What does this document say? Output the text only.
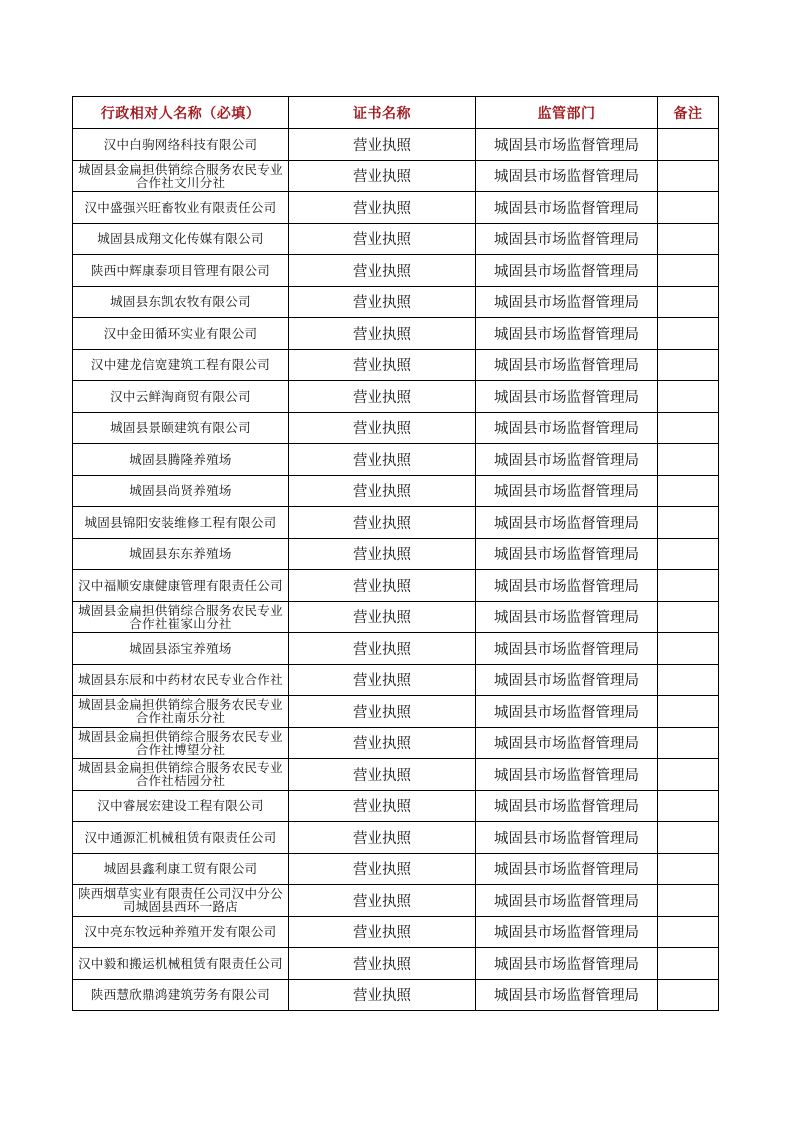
行政相对人名称（必填）	证书名称	监管部门	备注
汉中白驹网络科技有限公司	营业执照	城固县市场监督管理局	
城固县金扁担供销综合服务农民专业合作社文川分社	营业执照	城固县市场监督管理局	
汉中盛强兴旺畜牧业有限责任公司	营业执照	城固县市场监督管理局	
城固县成翔文化传媒有限公司	营业执照	城固县市场监督管理局	
陕西中辉康泰项目管理有限公司	营业执照	城固县市场监督管理局	
城固县东凯农牧有限公司	营业执照	城固县市场监督管理局	
汉中金田循环实业有限公司	营业执照	城固县市场监督管理局	
汉中建龙信宽建筑工程有限公司	营业执照	城固县市场监督管理局	
汉中云鲜淘商贸有限公司	营业执照	城固县市场监督管理局	
城固县景颐建筑有限公司	营业执照	城固县市场监督管理局	
城固县腾隆养殖场	营业执照	城固县市场监督管理局	
城固县尚贤养殖场	营业执照	城固县市场监督管理局	
城固县锦阳安装维修工程有限公司	营业执照	城固县市场监督管理局	
城固县东东养殖场	营业执照	城固县市场监督管理局	
汉中福顺安康健康管理有限责任公司	营业执照	城固县市场监督管理局	
城固县金扁担供销综合服务农民专业合作社崔家山分社	营业执照	城固县市场监督管理局	
城固县添宝养殖场	营业执照	城固县市场监督管理局	
城固县东辰和中药材农民专业合作社	营业执照	城固县市场监督管理局	
城固县金扁担供销综合服务农民专业合作社南乐分社	营业执照	城固县市场监督管理局	
城固县金扁担供销综合服务农民专业合作社博望分社	营业执照	城固县市场监督管理局	
城固县金扁担供销综合服务农民专业合作社桔园分社	营业执照	城固县市场监督管理局	
汉中睿展宏建设工程有限公司	营业执照	城固县市场监督管理局	
汉中通源汇机械租赁有限责任公司	营业执照	城固县市场监督管理局	
城固县鑫利康工贸有限公司	营业执照	城固县市场监督管理局	
陕西烟草实业有限责任公司汉中分公司城固县西环一路店	营业执照	城固县市场监督管理局	
汉中亮东牧远种养殖开发有限公司	营业执照	城固县市场监督管理局	
汉中毅和搬运机械租赁有限责任公司	营业执照	城固县市场监督管理局	
陕西慧欣鼎鸿建筑劳务有限公司	营业执照	城固县市场监督管理局	
